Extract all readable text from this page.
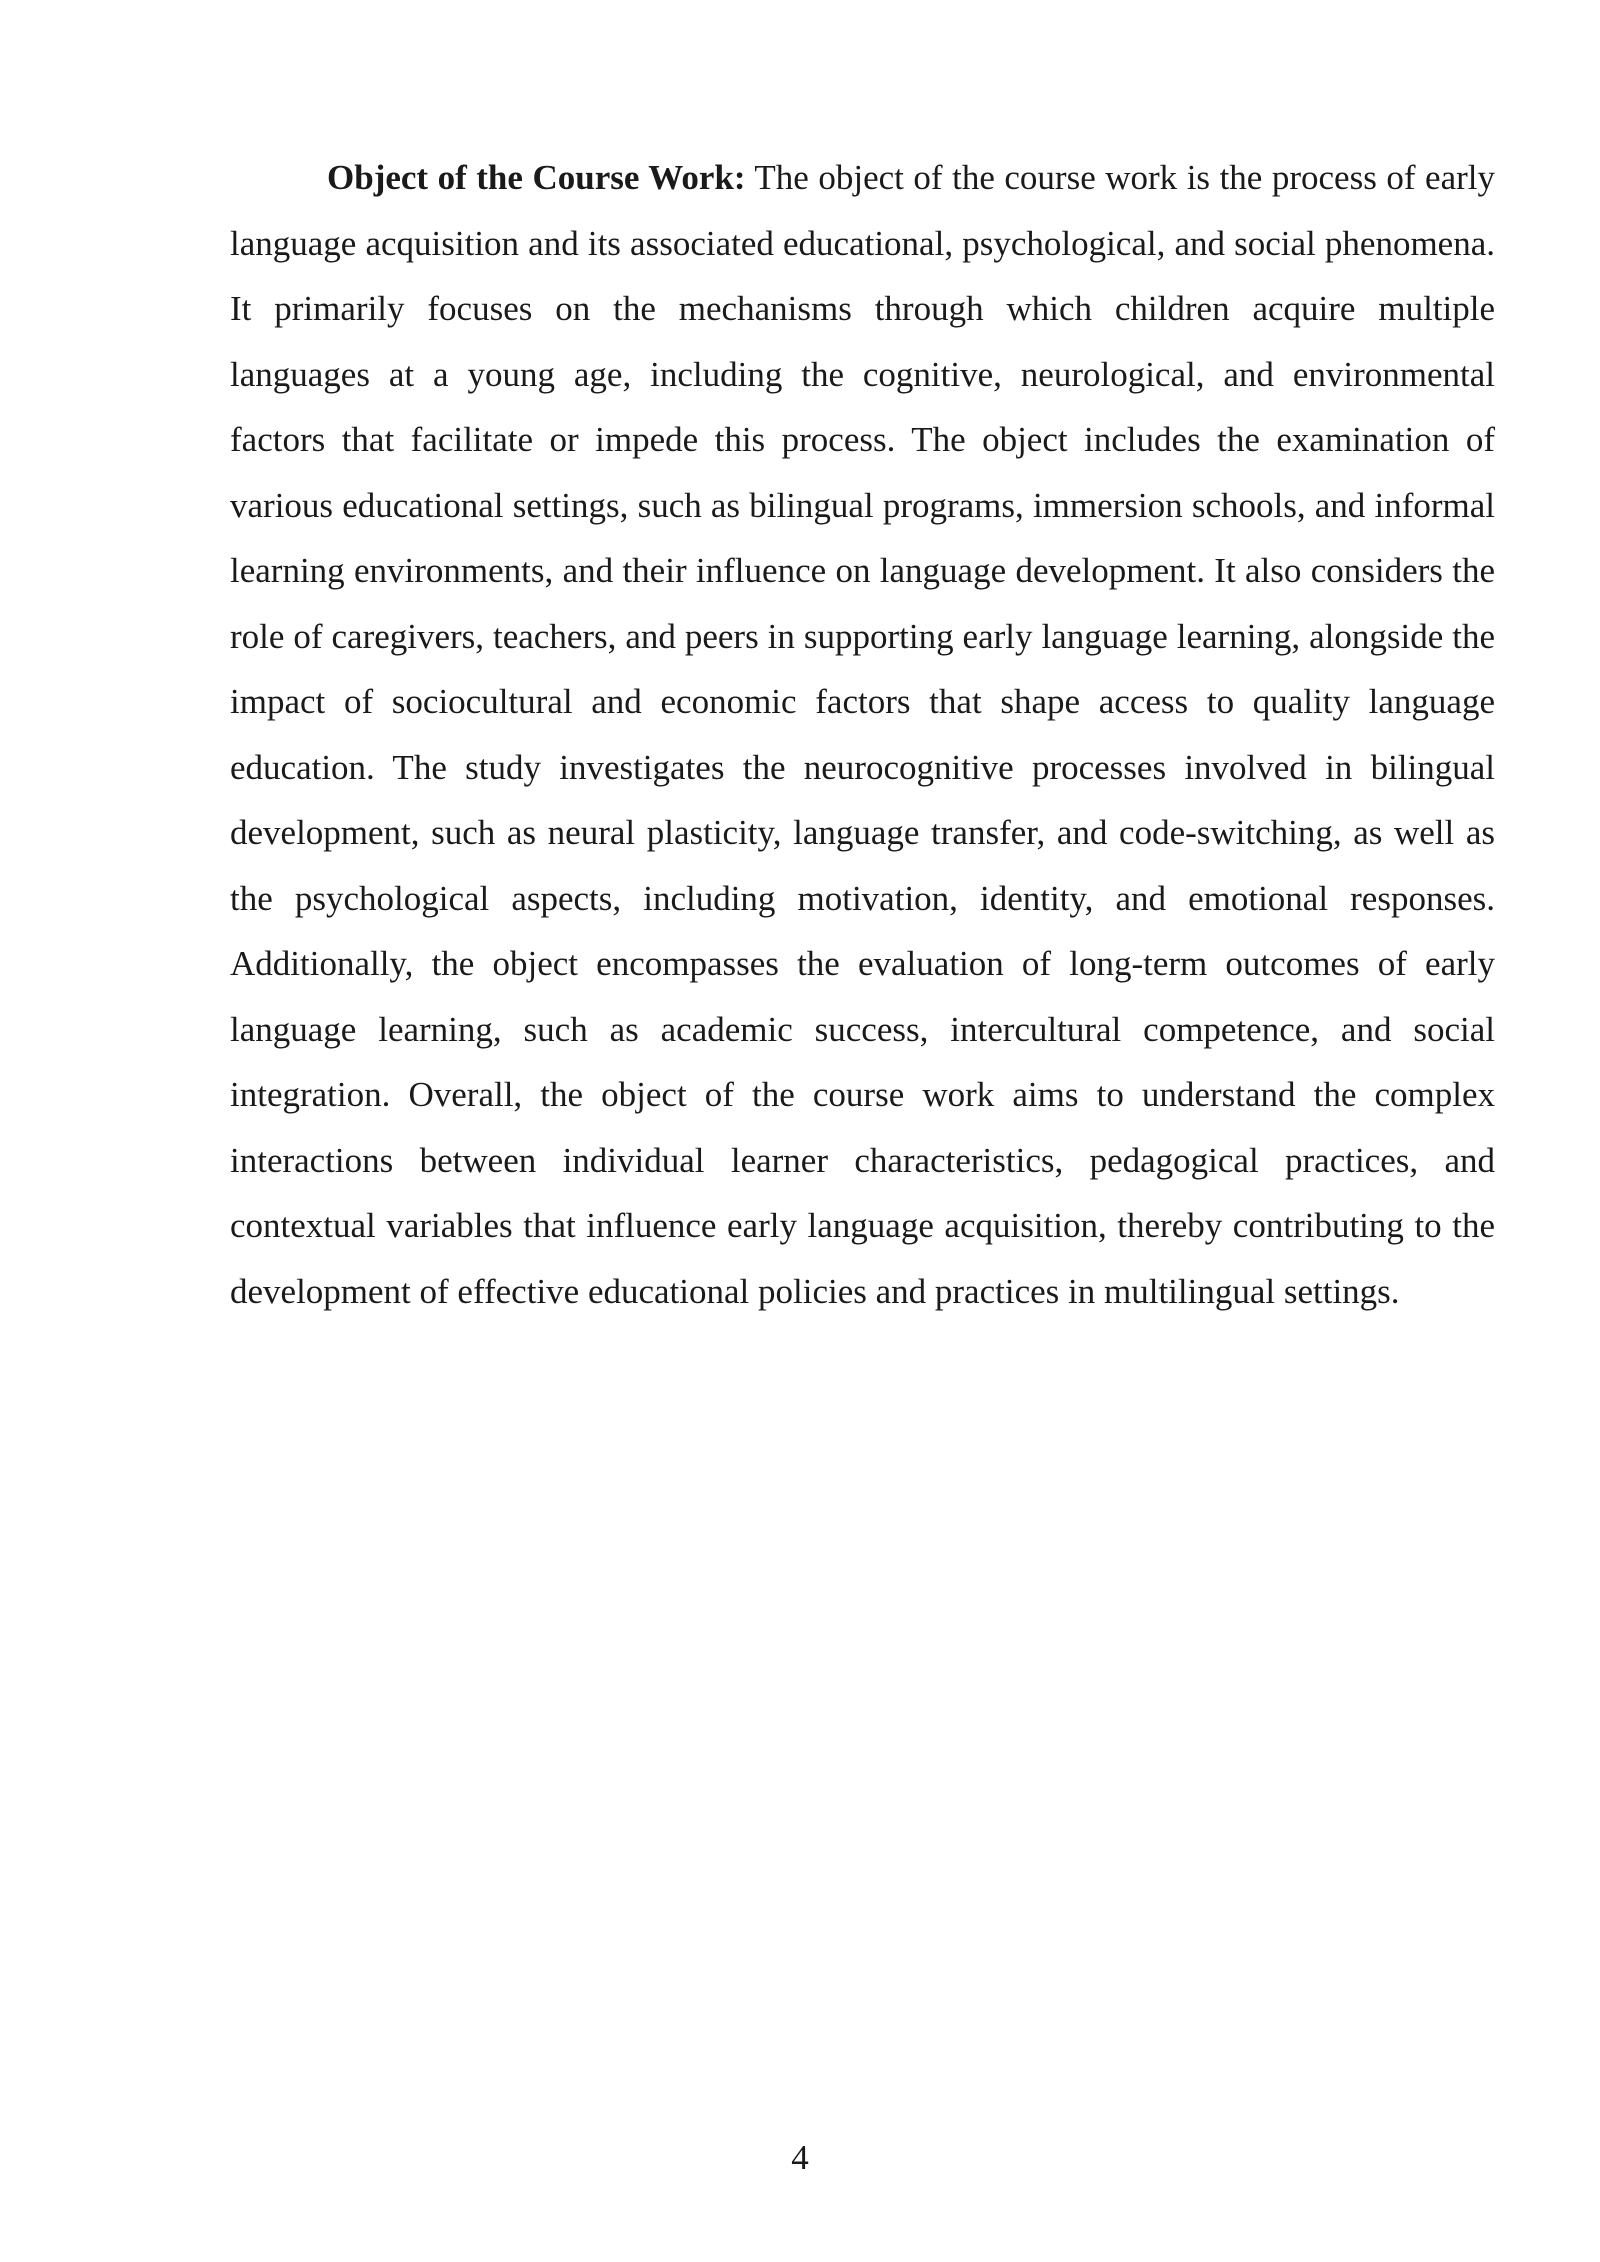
Object of the Course Work: The object of the course work is the process of early language acquisition and its associated educational, psychological, and social phenomena. It primarily focuses on the mechanisms through which children acquire multiple languages at a young age, including the cognitive, neurological, and environmental factors that facilitate or impede this process. The object includes the examination of various educational settings, such as bilingual programs, immersion schools, and informal learning environments, and their influence on language development. It also considers the role of caregivers, teachers, and peers in supporting early language learning, alongside the impact of sociocultural and economic factors that shape access to quality language education. The study investigates the neurocognitive processes involved in bilingual development, such as neural plasticity, language transfer, and code-switching, as well as the psychological aspects, including motivation, identity, and emotional responses. Additionally, the object encompasses the evaluation of long-term outcomes of early language learning, such as academic success, intercultural competence, and social integration. Overall, the object of the course work aims to understand the complex interactions between individual learner characteristics, pedagogical practices, and contextual variables that influence early language acquisition, thereby contributing to the development of effective educational policies and practices in multilingual settings.

4
